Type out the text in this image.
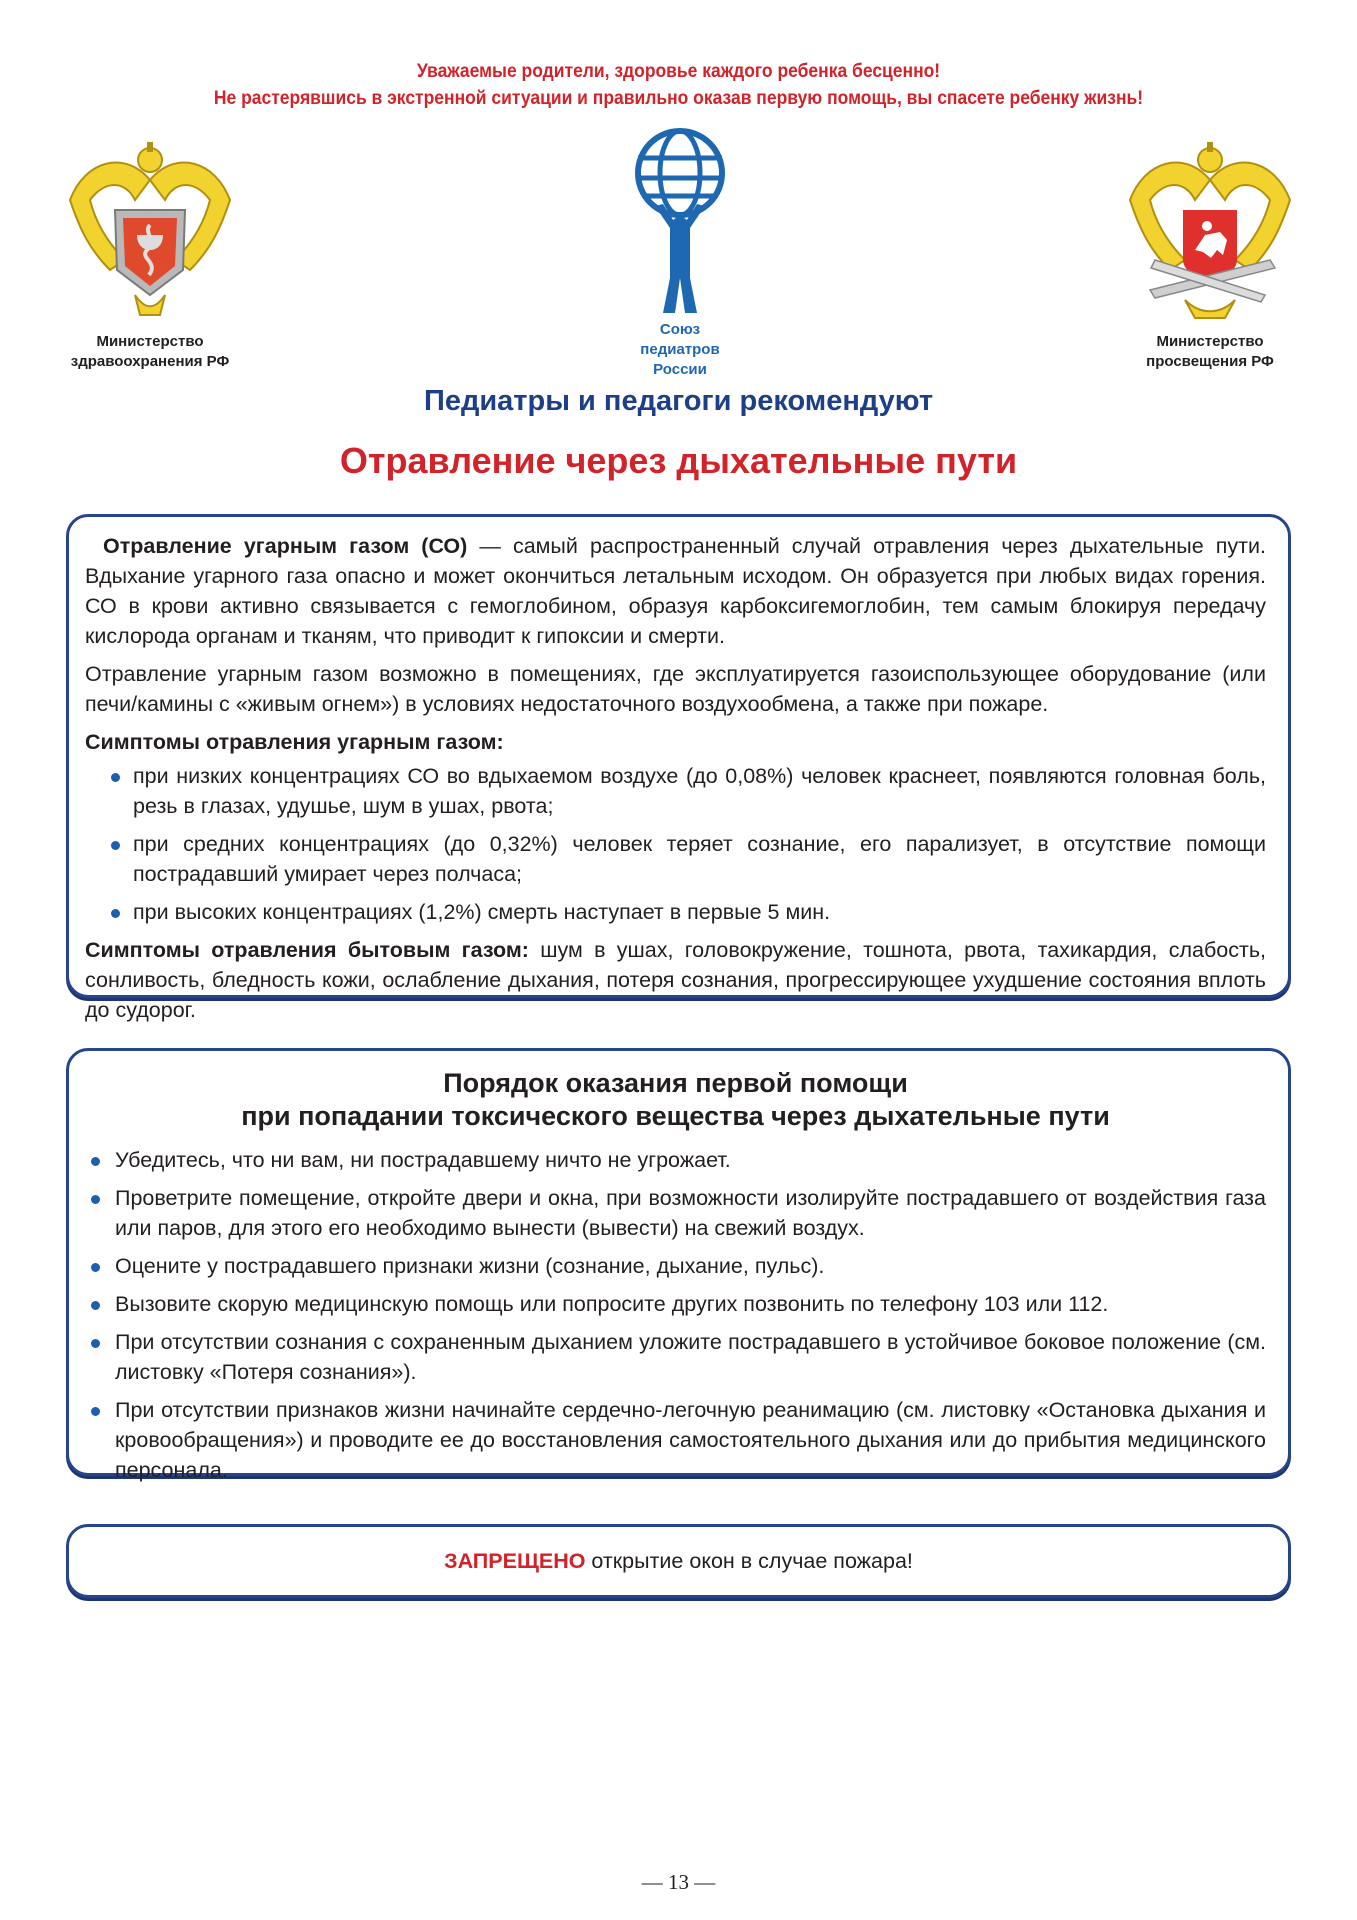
Уважаемые родители, здоровье каждого ребенка бесценно!
Не растерявшись в экстренной ситуации и правильно оказав первую помощь, вы спасете ребенку жизнь!
Министерство
здравоохранения РФ
Союз
педиатров
России
Министерство
просвещения РФ
Педиатры и педагоги рекомендуют
Отравление через дыхательные пути

Отравление угарным газом (СО) — самый распространенный случай отравления через дыхательные пути. Вдыхание угарного газа опасно и может окончиться летальным исходом. Он образуется при любых видах горения. СО в крови активно связывается с гемоглобином, образуя карбоксигемоглобин, тем самым блокируя передачу кислорода органам и тканям, что приводит к гипоксии и смерти.

Отравление угарным газом возможно в помещениях, где эксплуатируется газоиспользующее оборудование (или печи/камины с «живым огнем») в условиях недостаточного воздухообмена, а также при пожаре.

Симптомы отравления угарным газом:

при низких концентрациях СО во вдыхаемом воздухе (до 0,08%) человек краснеет, появляются головная боль, резь в глазах, удушье, шум в ушах, рвота;
при средних концентрациях (до 0,32%) человек теряет сознание, его парализует, в отсутствие помощи пострадавший умирает через полчаса;
при высоких концентрациях (1,2%) смерть наступает в первые 5 мин.

Симптомы отравления бытовым газом: шум в ушах, головокружение, тошнота, рвота, тахикардия, слабость, сонливость, бледность кожи, ослабление дыхания, потеря сознания, прогрессирующее ухудшение состояния вплоть до судорог.

Порядок оказания первой помощи
при попадании токсического вещества через дыхательные пути
Убедитесь, что ни вам, ни пострадавшему ничто не угрожает.
Проветрите помещение, откройте двери и окна, при возможности изолируйте пострадавшего от воздействия газа или паров, для этого его необходимо вынести (вывести) на свежий воздух.
Оцените у пострадавшего признаки жизни (сознание, дыхание, пульс).
Вызовите скорую медицинскую помощь или попросите других позвонить по телефону 103 или 112.
При отсутствии сознания с сохраненным дыханием уложите пострадавшего в устойчивое боковое положение (см. листовку «Потеря сознания»).
При отсутствии признаков жизни начинайте сердечно-легочную реанимацию (см. листовку «Остановка дыхания и кровообращения») и проводите ее до восстановления самостоятельного дыхания или до прибытия медицинского персонала.
ЗАПРЕЩЕНО открытие окон в случае пожара!
— 13 —
